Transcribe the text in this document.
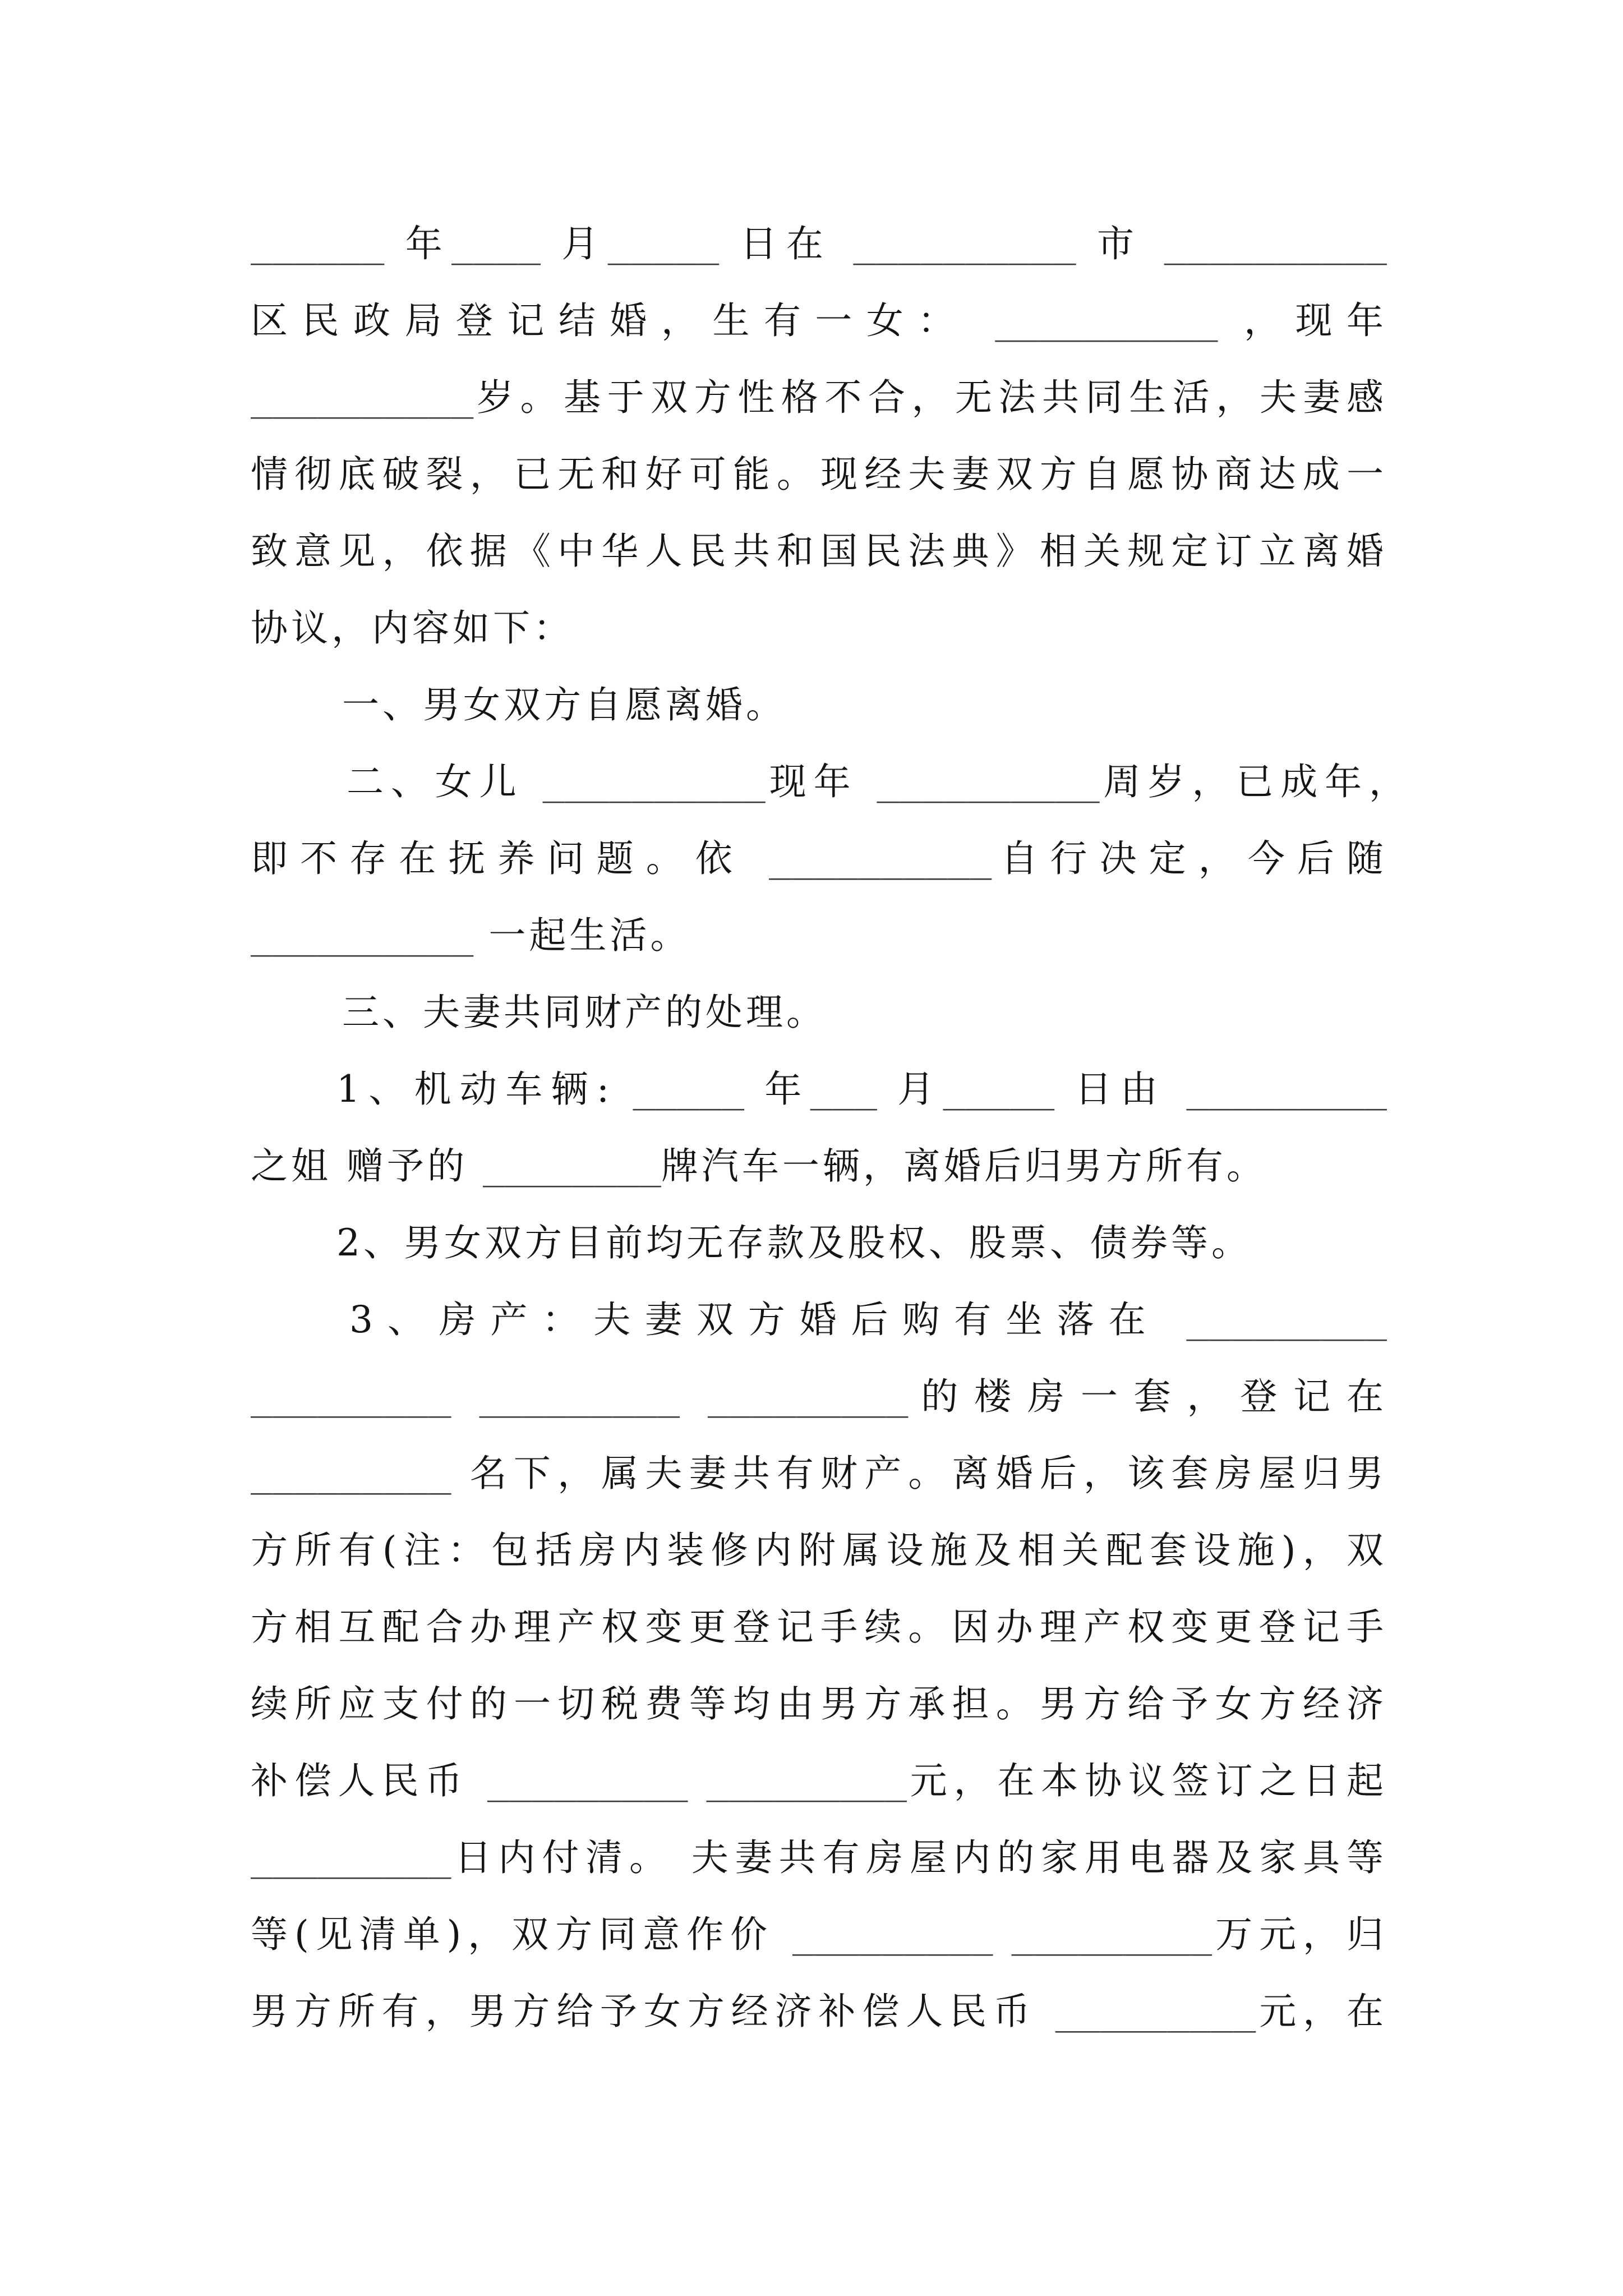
______ 年____ 月_____ 日在 __________ 市 __________
区民政局登记结婚，生有一女： __________ ，现年
__________岁。基于双方性格不合，无法共同生活，夫妻感
情彻底破裂，已无和好可能。现经夫妻双方自愿协商达成一
致意见，依据《中华人民共和国民法典》相关规定订立离婚
协议，内容如下：
一、男女双方自愿离婚。
二、女儿 __________现年 __________周岁，已成年，
即不存在抚养问题。依 __________自行决定，今后随
__________ 一起生活。
三、夫妻共同财产的处理。
1、机动车辆: _____ 年___ 月_____ 日由 _________
之姐 赠予的 ________牌汽车一辆，离婚后归男方所有。
2、男女双方目前均无存款及股权、股票、债券等。
3、房产：夫妻双方婚后购有坐落在 _________
_________ _________ _________的楼房一套，登记在
_________ 名下，属夫妻共有财产。离婚后，该套房屋归男
方所有(注：包括房内装修内附属设施及相关配套设施)，双
方相互配合办理产权变更登记手续。因办理产权变更登记手
续所应支付的一切税费等均由男方承担。男方给予女方经济
补偿人民币 _________ _________元，在本协议签订之日起
_________日内付清。 夫妻共有房屋内的家用电器及家具等
等(见清单)，双方同意作价 _________ _________万元，归
男方所有，男方给予女方经济补偿人民币 _________元，在
